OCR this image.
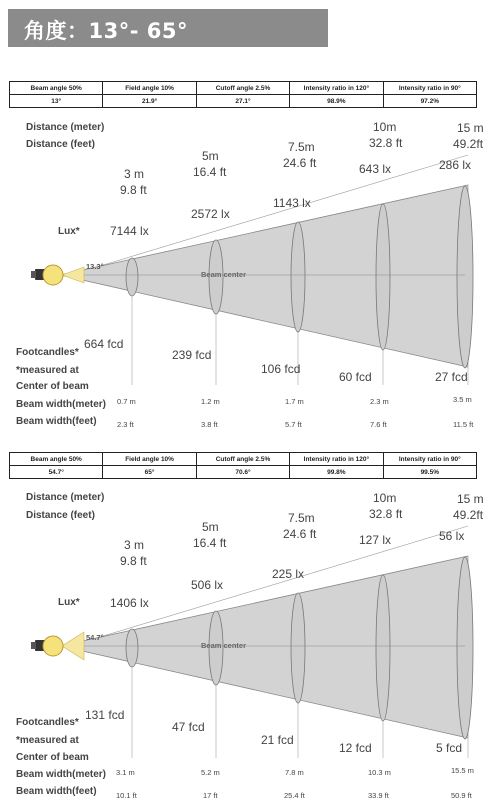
角度：13°- 65°
Beam angle 50%	Field angle 10%	Cutoff angle 2.5%	Intensity ratio in 120°	Intensity ratio in 90°
13°	21.9°	27.1°	98.9%	97.2%
Distance (meter)
Distance (feet)
Lux*
Footcandles*
*measured at
Center of beam
Beam width(meter)
Beam width(feet)
Beam center
13.3°
3 m
9.8 ft
7144 lx
664 fcd
0.7 m
2.3 ft
5m
16.4 ft
2572 lx
239 fcd
1.2 m
3.8 ft
7.5m
24.6 ft
1143 lx
106 fcd
1.7 m
5.7 ft
10m
32.8 ft
643 lx
60 fcd
2.3 m
7.6 ft
15 m
49.2ft
286 lx
27 fcd
3.5 m
11.5 ft
Beam angle 50%	Field angle 10%	Cutoff angle 2.5%	Intensity ratio in 120°	Intensity ratio in 90°
54.7°	65°	70.6°	99.8%	99.5%
Distance (meter)
Distance (feet)
Lux*
Footcandles*
*measured at
Center of beam
Beam width(meter)
Beam width(feet)
Beam center
54.7°
3 m
9.8 ft
1406 lx
131 fcd
3.1 m
10.1 ft
5m
16.4 ft
506 lx
47 fcd
5.2 m
17 ft
7.5m
24.6 ft
225 lx
21 fcd
7.8 m
25.4 ft
10m
32.8 ft
127 lx
12 fcd
10.3 m
33.9 ft
15 m
49.2ft
56 lx
5 fcd
15.5 m
50.9 ft
